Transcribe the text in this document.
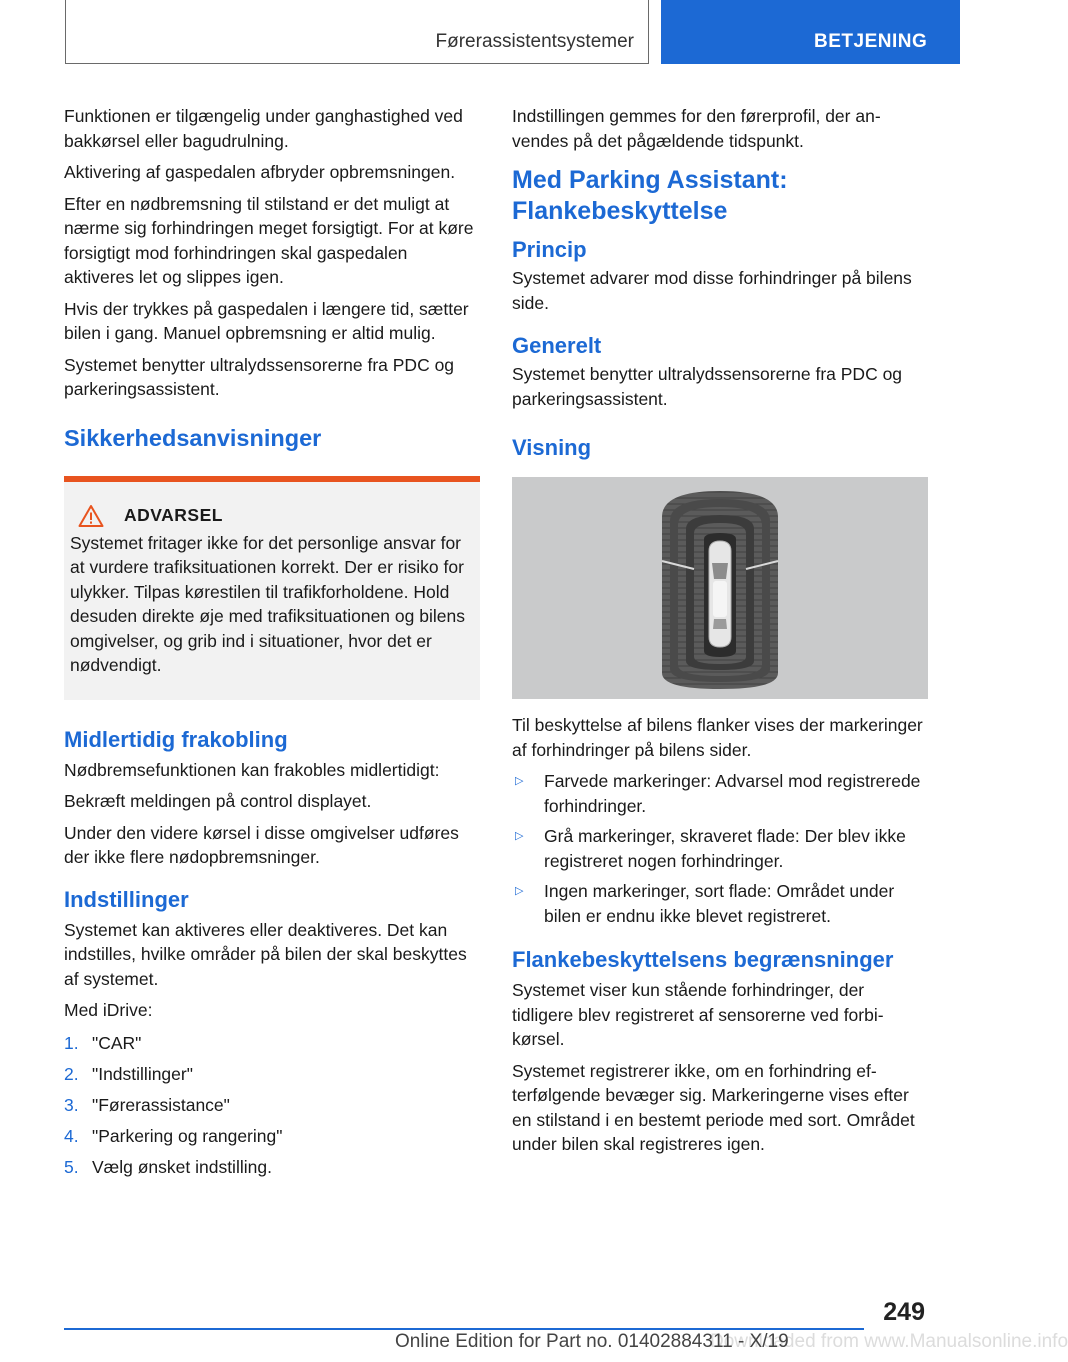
Førerassistentsystemer	BETJENING

Funktionen er tilgængelig under ganghastighed ved bakkørsel eller bagudrulning.

Aktivering af gaspedalen afbryder opbremsningen.

Efter en nødbremsning til stilstand er det muligt at nærme sig forhindringen meget forsigtigt. For at køre forsigtigt mod forhindringen skal gaspedalen aktiveres let og slippes igen.

Hvis der trykkes på gaspedalen i længere tid, sætter bilen i gang. Manuel opbremsning er altid mulig.

Systemet benytter ultralydssensorerne fra PDC og parkeringsassistent.

Sikkerhedsanvisninger
ADVARSEL

Systemet fritager ikke for det personlige ansvar for at vurdere trafiksituationen korrekt. Der er risiko for ulykker. Tilpas kørestilen til trafikforholdene. Hold desuden direkte øje med trafiksituationen og bilens omgivelser, og grib ind i situationer, hvor det er nødvendigt.

Midlertidig frakobling

Nødbremsefunktionen kan frakobles midlertidigt:

Bekræft meldingen på control displayet.

Under den videre kørsel i disse omgivelser udføres der ikke flere nødopbremsninger.

Indstillinger

Systemet kan aktiveres eller deaktiveres. Det kan indstilles, hvilke områder på bilen der skal beskyttes af systemet.

Med iDrive:

1. "CAR"
2. "Indstillinger"
3. "Førerassistance"
4. "Parkering og rangering"
5. Vælg ønsket indstilling.

Indstillingen gemmes for den førerprofil, der anvendes på det pågældende tidspunkt.

Med Parking Assistant: Flankebeskyttelse
Princip

Systemet advarer mod disse forhindringer på bilens side.

Generelt

Systemet benytter ultralydssensorerne fra PDC og parkeringsassistent.

Visning

Til beskyttelse af bilens flanker vises der markeringer af forhindringer på bilens sider.

▷	Farvede markeringer: Advarsel mod registrerede forhindringer.
▷	Grå markeringer, skraveret flade: Der blev ikke registreret nogen forhindringer.
▷	Ingen markeringer, sort flade: Området under bilen er endnu ikke blevet registreret.
Flankebeskyttelsens begrænsninger

Systemet viser kun stående forhindringer, der tidligere blev registreret af sensorerne ved forbikørsel.

Systemet registrerer ikke, om en forhindring efterfølgende bevæger sig. Markeringerne vises efter en stilstand i en bestemt periode med sort. Området under bilen skal registreres igen.

249
Downloaded from www.Manualsonline.info
Online Edition for Part no. 01402884311 - X/19
